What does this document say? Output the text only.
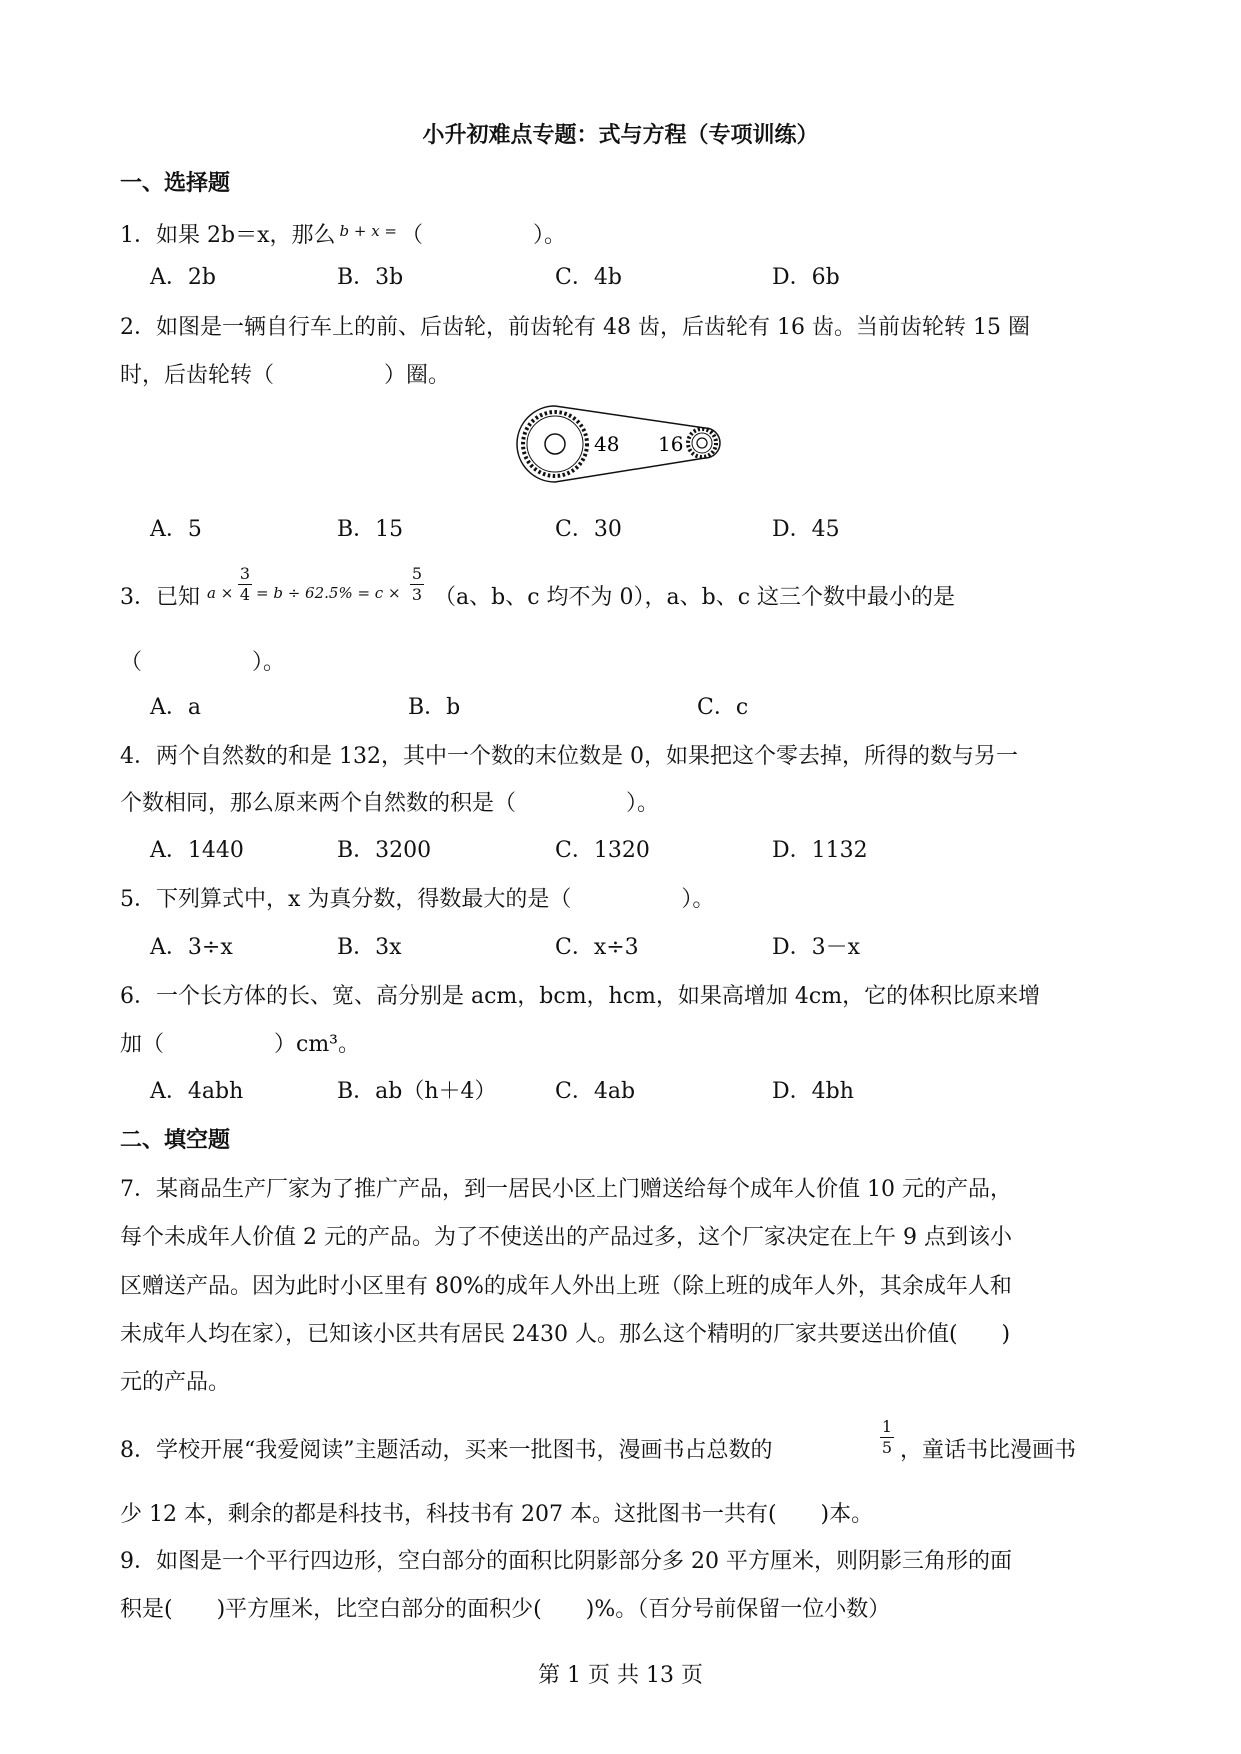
小升初难点专题：式与方程（专项训练）
一、选择题
1．如果 2b＝x，那么 $^{b + x =}$ （　　　　　）。
A．2b	B．3b	C．4b	D．6b
2．如图是一辆自行车上的前、后齿轮，前齿轮有 48 齿，后齿轮有 16 齿。当前齿轮转 15 圈
时，后齿轮转（　　　　　）圈。
48 16
A．5	B．15	C．30	D．45
3．已知 a ×
3
4 = b ÷ 62.5% = c ×
5
3 （a、b、c 均不为 0），a、b、c 这三个数中最小的是
（　　　　　）。
A．a	B．b	C．c
4．两个自然数的和是 132，其中一个数的末位数是 0，如果把这个零去掉，所得的数与另一
个数相同，那么原来两个自然数的积是（　　　　　）。
A．1440	B．3200	C．1320	D．1132
5．下列算式中，x 为真分数，得数最大的是（　　　　　）。
A．3÷x	B．3x	C．x÷3	D．3－x
6．一个长方体的长、宽、高分别是 acm，bcm，hcm，如果高增加 4cm，它的体积比原来增
加（　　　　　）cm³。
A．4abh	B．ab（h＋4）	C．4ab	D．4bh
二、填空题
7．某商品生产厂家为了推广产品，到一居民小区上门赠送给每个成年人价值 10 元的产品，
每个未成年人价值 2 元的产品。为了不使送出的产品过多，这个厂家决定在上午 9 点到该小
区赠送产品。因为此时小区里有 80%的成年人外出上班（除上班的成年人外，其余成年人和
未成年人均在家），已知该小区共有居民 2430 人。那么这个精明的厂家共要送出价值(　　)
元的产品。
8．学校开展“我爱阅读”主题活动，买来一批图书，漫画书占总数的
1
5 ，童话书比漫画书
少 12 本，剩余的都是科技书，科技书有 207 本。这批图书一共有(　　)本。
9．如图是一个平行四边形，空白部分的面积比阴影部分多 20 平方厘米，则阴影三角形的面
积是(　　)平方厘米，比空白部分的面积少(　　)%。（百分号前保留一位小数）
第 1 页 共 13 页
